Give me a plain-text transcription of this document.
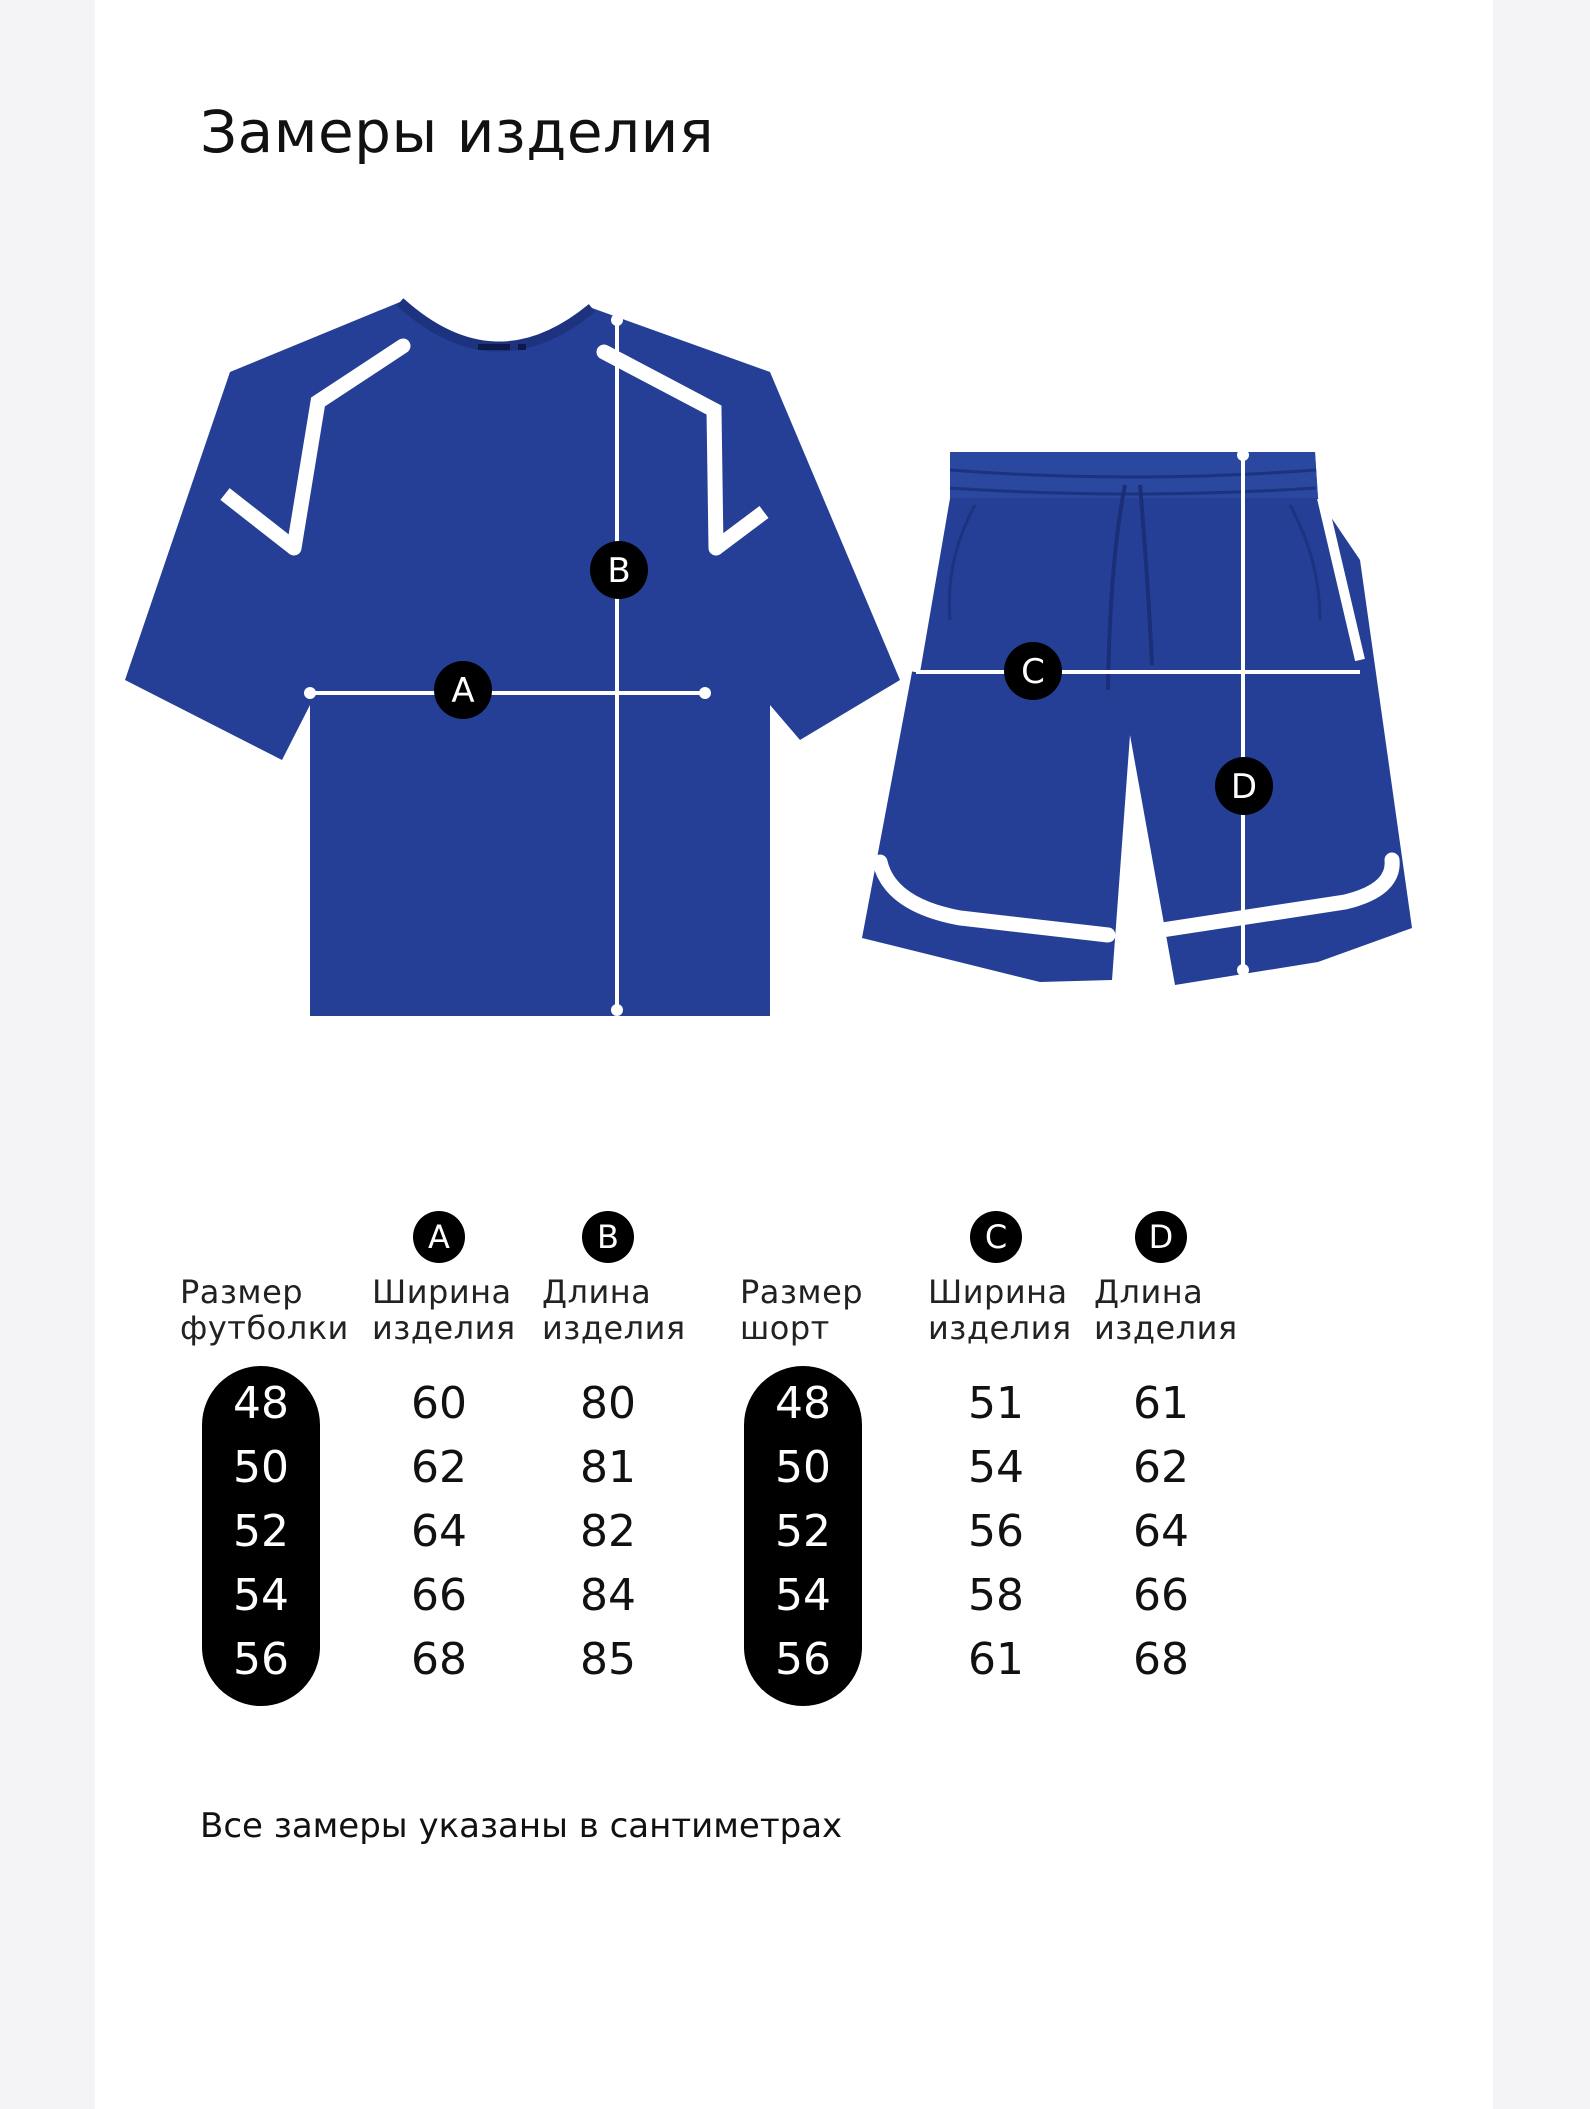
Замеры изделия
A
B
C
D
Размер
футболки
A
Ширина
изделия
B
Длина
изделия
48
50
52
54
56
60
62
64
66
68
80
81
82
84
85
Размер
шорт
C
Ширина
изделия
D
Длина
изделия
48
50
52
54
56
51
54
56
58
61
61
62
64
66
68
Все замеры указаны в сантиметрах
